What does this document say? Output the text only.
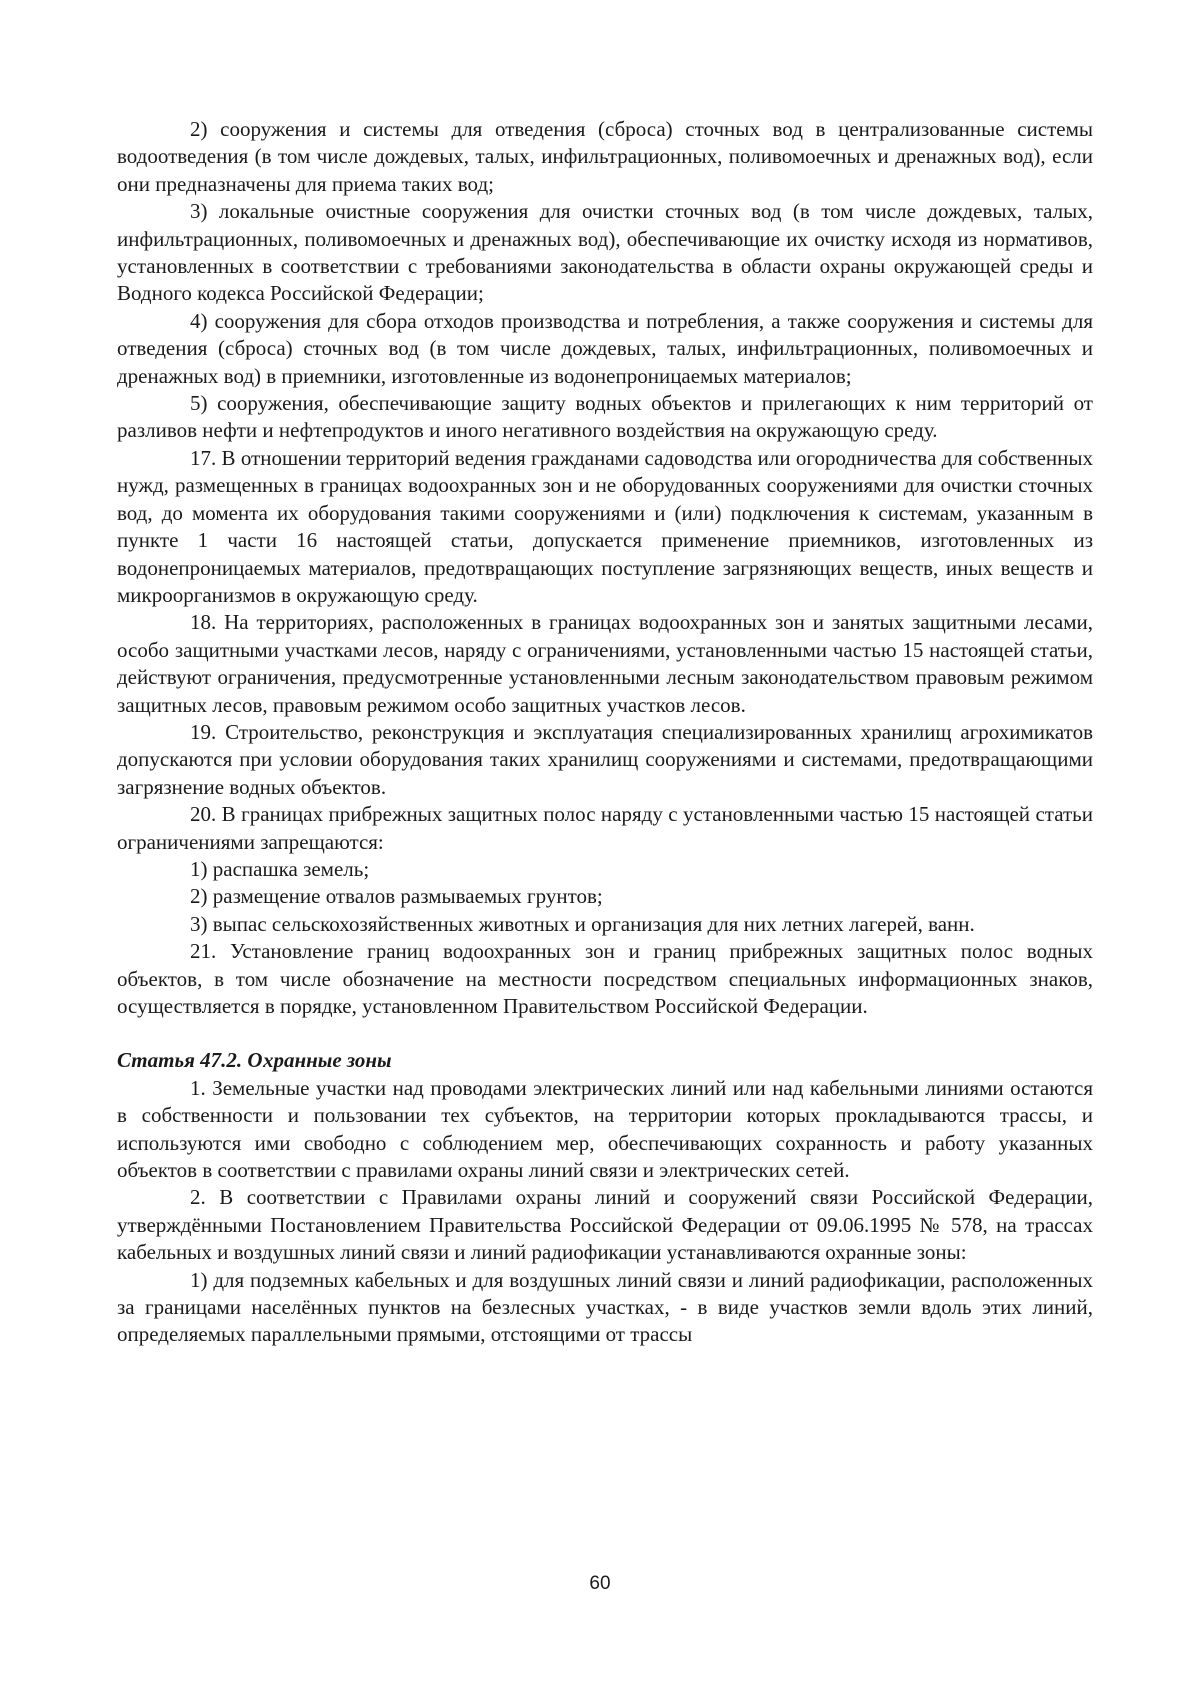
2) сооружения и системы для отведения (сброса) сточных вод в централизованные системы водоотведения (в том числе дождевых, талых, инфильтрационных, поливомоечных и дренажных вод), если они предназначены для приема таких вод;

3) локальные очистные сооружения для очистки сточных вод (в том числе дождевых, талых, инфильтрационных, поливомоечных и дренажных вод), обеспечивающие их очистку исходя из нормативов, установленных в соответствии с требованиями законодательства в области охраны окружающей среды и Водного кодекса Российской Федерации;

4) сооружения для сбора отходов производства и потребления, а также сооружения и системы для отведения (сброса) сточных вод (в том числе дождевых, талых, инфильтрационных, поливомоечных и дренажных вод) в приемники, изготовленные из водонепроницаемых материалов;

5) сооружения, обеспечивающие защиту водных объектов и прилегающих к ним территорий от разливов нефти и нефтепродуктов и иного негативного воздействия на окружающую среду.

17. В отношении территорий ведения гражданами садоводства или огородничества для собственных нужд, размещенных в границах водоохранных зон и не оборудованных сооружениями для очистки сточных вод, до момента их оборудования такими сооружениями и (или) подключения к системам, указанным в пункте 1 части 16 настоящей статьи, допускается применение приемников, изготовленных из водонепроницаемых материалов, предотвращающих поступление загрязняющих веществ, иных веществ и микроорганизмов в окружающую среду.

18. На территориях, расположенных в границах водоохранных зон и занятых защитными лесами, особо защитными участками лесов, наряду с ограничениями, установленными частью 15 настоящей статьи, действуют ограничения, предусмотренные установленными лесным законодательством правовым режимом защитных лесов, правовым режимом особо защитных участков лесов.

19. Строительство, реконструкция и эксплуатация специализированных хранилищ агрохимикатов допускаются при условии оборудования таких хранилищ сооружениями и системами, предотвращающими загрязнение водных объектов.

20. В границах прибрежных защитных полос наряду с установленными частью 15 настоящей статьи ограничениями запрещаются:

1) распашка земель;

2) размещение отвалов размываемых грунтов;

3) выпас сельскохозяйственных животных и организация для них летних лагерей, ванн.

21. Установление границ водоохранных зон и границ прибрежных защитных полос водных объектов, в том числе обозначение на местности посредством специальных информационных знаков, осуществляется в порядке, установленном Правительством Российской Федерации.

Статья 47.2. Охранные зоны

1. Земельные участки над проводами электрических линий или над кабельными линиями остаются в собственности и пользовании тех субъектов, на территории которых прокладываются трассы, и используются ими свободно с соблюдением мер, обеспечивающих сохранность и работу указанных объектов в соответствии с правилами охраны линий связи и электрических сетей.

2. В соответствии с Правилами охраны линий и сооружений связи Российской Федерации, утверждёнными Постановлением Правительства Российской Федерации от 09.06.1995 № 578, на трассах кабельных и воздушных линий связи и линий радиофикации устанавливаются охранные зоны:

1) для подземных кабельных и для воздушных линий связи и линий радиофикации, расположенных за границами населённых пунктов на безлесных участках, - в виде участков земли вдоль этих линий, определяемых параллельными прямыми, отстоящими от трассы

60
